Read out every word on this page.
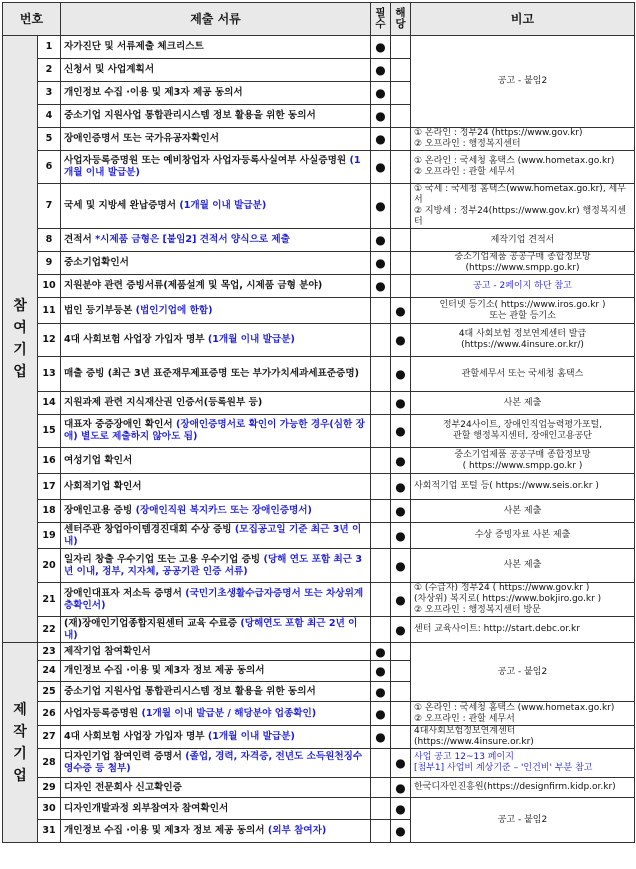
번호		제출 서류	필
수	해
당	비고

참
여
기
업	1	자가진단 및 서류제출 체크리스트	●		공고 - 붙임2

	2	신청서 및 사업계획서	●		
	3	개인정보 수집 ·이용 및 제3자 제공 동의서	●		
	4	중소기업 지원사업 통합관리시스템 정보 활용을 위한 동의서	●		
	5	장애인증명서 또는 국가유공자확인서	●		① 온라인 : 정부24 (https://www.gov.kr)
② 오프라인 : 행정복지센터

	6	사업자등록증명원 또는 예비창업자 사업자등록사실여부 사실증명원 (1개월 이내 발급분)	●		① 온라인 : 국세청 홈택스 (www.hometax.go.kr)
② 오프라인 : 관할 세무서

	7	국세 및 지방세 완납증명서 (1개월 이내 발급분)	●		① 국세 : 국세청 홈택스(www.hometax.go.kr), 세무서
② 지방세 : 정부24(https://www.gov.kr) 행정복지센터

	8	견적서 *시제품 금형은 [붙임2] 견적서 양식으로 제출	●		제작기업 견적서

	9	중소기업확인서	●		중소기업제품 공공구매 종합정보망
(https://www.smpp.go.kr)

	10	지원분야 관련 증빙서류(제품설계 및 목업, 시제품 금형 분야)	●		공고 - 2페이지 하단 참고

	11	법인 등기부등본 (법인기업에 한함)		●	인터넷 등기소( https://www.iros.go.kr )
또는 관할 등기소

	12	4대 사회보험 사업장 가입자 명부 (1개월 이내 발급분)		●	4대 사회보험 정보연계센터 발급
(https://www.4insure.or.kr/)

	13	매출 증빙 (최근 3년 표준재무제표증명 또는 부가가치세과세표준증명)		●	관할세무서 또는 국세청 홈택스

	14	지원과제 관련 지식재산권 인증서(등록원부 등)		●	사본 제출

	15	대표자 중증장애인 확인서 (장애인증명서로 확인이 가능한 경우(심한 장애) 별도로 제출하지 않아도 됨)		●	정부24사이트, 장애인직업능력평가포털,
관할 행정복지센터, 장애인고용공단

	16	여성기업 확인서		●	중소기업제품 공공구매 종합정보망
( https://www.smpp.go.kr )

	17	사회적기업 확인서		●	사회적기업 포털 등( https://www.seis.or.kr )

	18	장애인고용 증빙 (장애인직원 복지카드 또는 장애인증명서)		●	사본 제출

	19	센터주관 창업아이템경진대회 수상 증빙 (모집공고일 기준 최근 3년 이내)		●	수상 증빙자료 사본 제출

	20	일자리 창출 우수기업 또는 고용 우수기업 증빙 (당해 연도 포함 최근 3년 이내, 정부, 지자체, 공공기관 인증 서류)		●	사본 제출

	21	장애인대표자 저소득 증명서 (국민기초생활수급자증명서 또는 차상위계층확인서)		●	① (수급자) 정부24 ( https://www.gov.kr )
(차상위) 복지로( https://www.bokjiro.go.kr )
② 오프라인 : 행정복지센터 방문

	22	(재)장애인기업종합지원센터 교육 수료증 (당해연도 포함 최근 2년 이내)		●	센터 교육사이트: http://start.debc.or.kr

제
작
기
업	23	제작기업 참여확인서	●		공고 - 붙임2

	24	개인정보 수집 ·이용 및 제3자 정보 제공 동의서	●		
	25	중소기업 지원사업 통합관리시스템 정보 활용을 위한 동의서	●		
	26	사업자등록증명원 (1개월 이내 발급분 / 해당분야 업종확인)	●		① 온라인 : 국세청 홈택스 (www.hometax.go.kr)
② 오프라인 : 관할 세무서

	27	4대 사회보험 사업장 가입자 명부 (1개월 이내 발급분)	●		4대사회보험정보연계센터(https://www.4insure.or.kr)

	28	디자인기업 참여인력 증명서 (졸업, 경력, 자격증, 전년도 소득원천징수영수증 등 첨부)		●	사업 공고 12~13 페이지
[첨부1] 사업비 계상기준 – '인건비' 부분 참고

	29	디자인 전문회사 신고확인증		●	한국디자인진흥원(https://designfirm.kidp.or.kr)

	30	디자인개발과정 외부참여자 참여확인서		●	공고 - 붙임2

	31	개인정보 수집 ·이용 및 제3자 정보 제공 동의서 (외부 참여자)		●	
